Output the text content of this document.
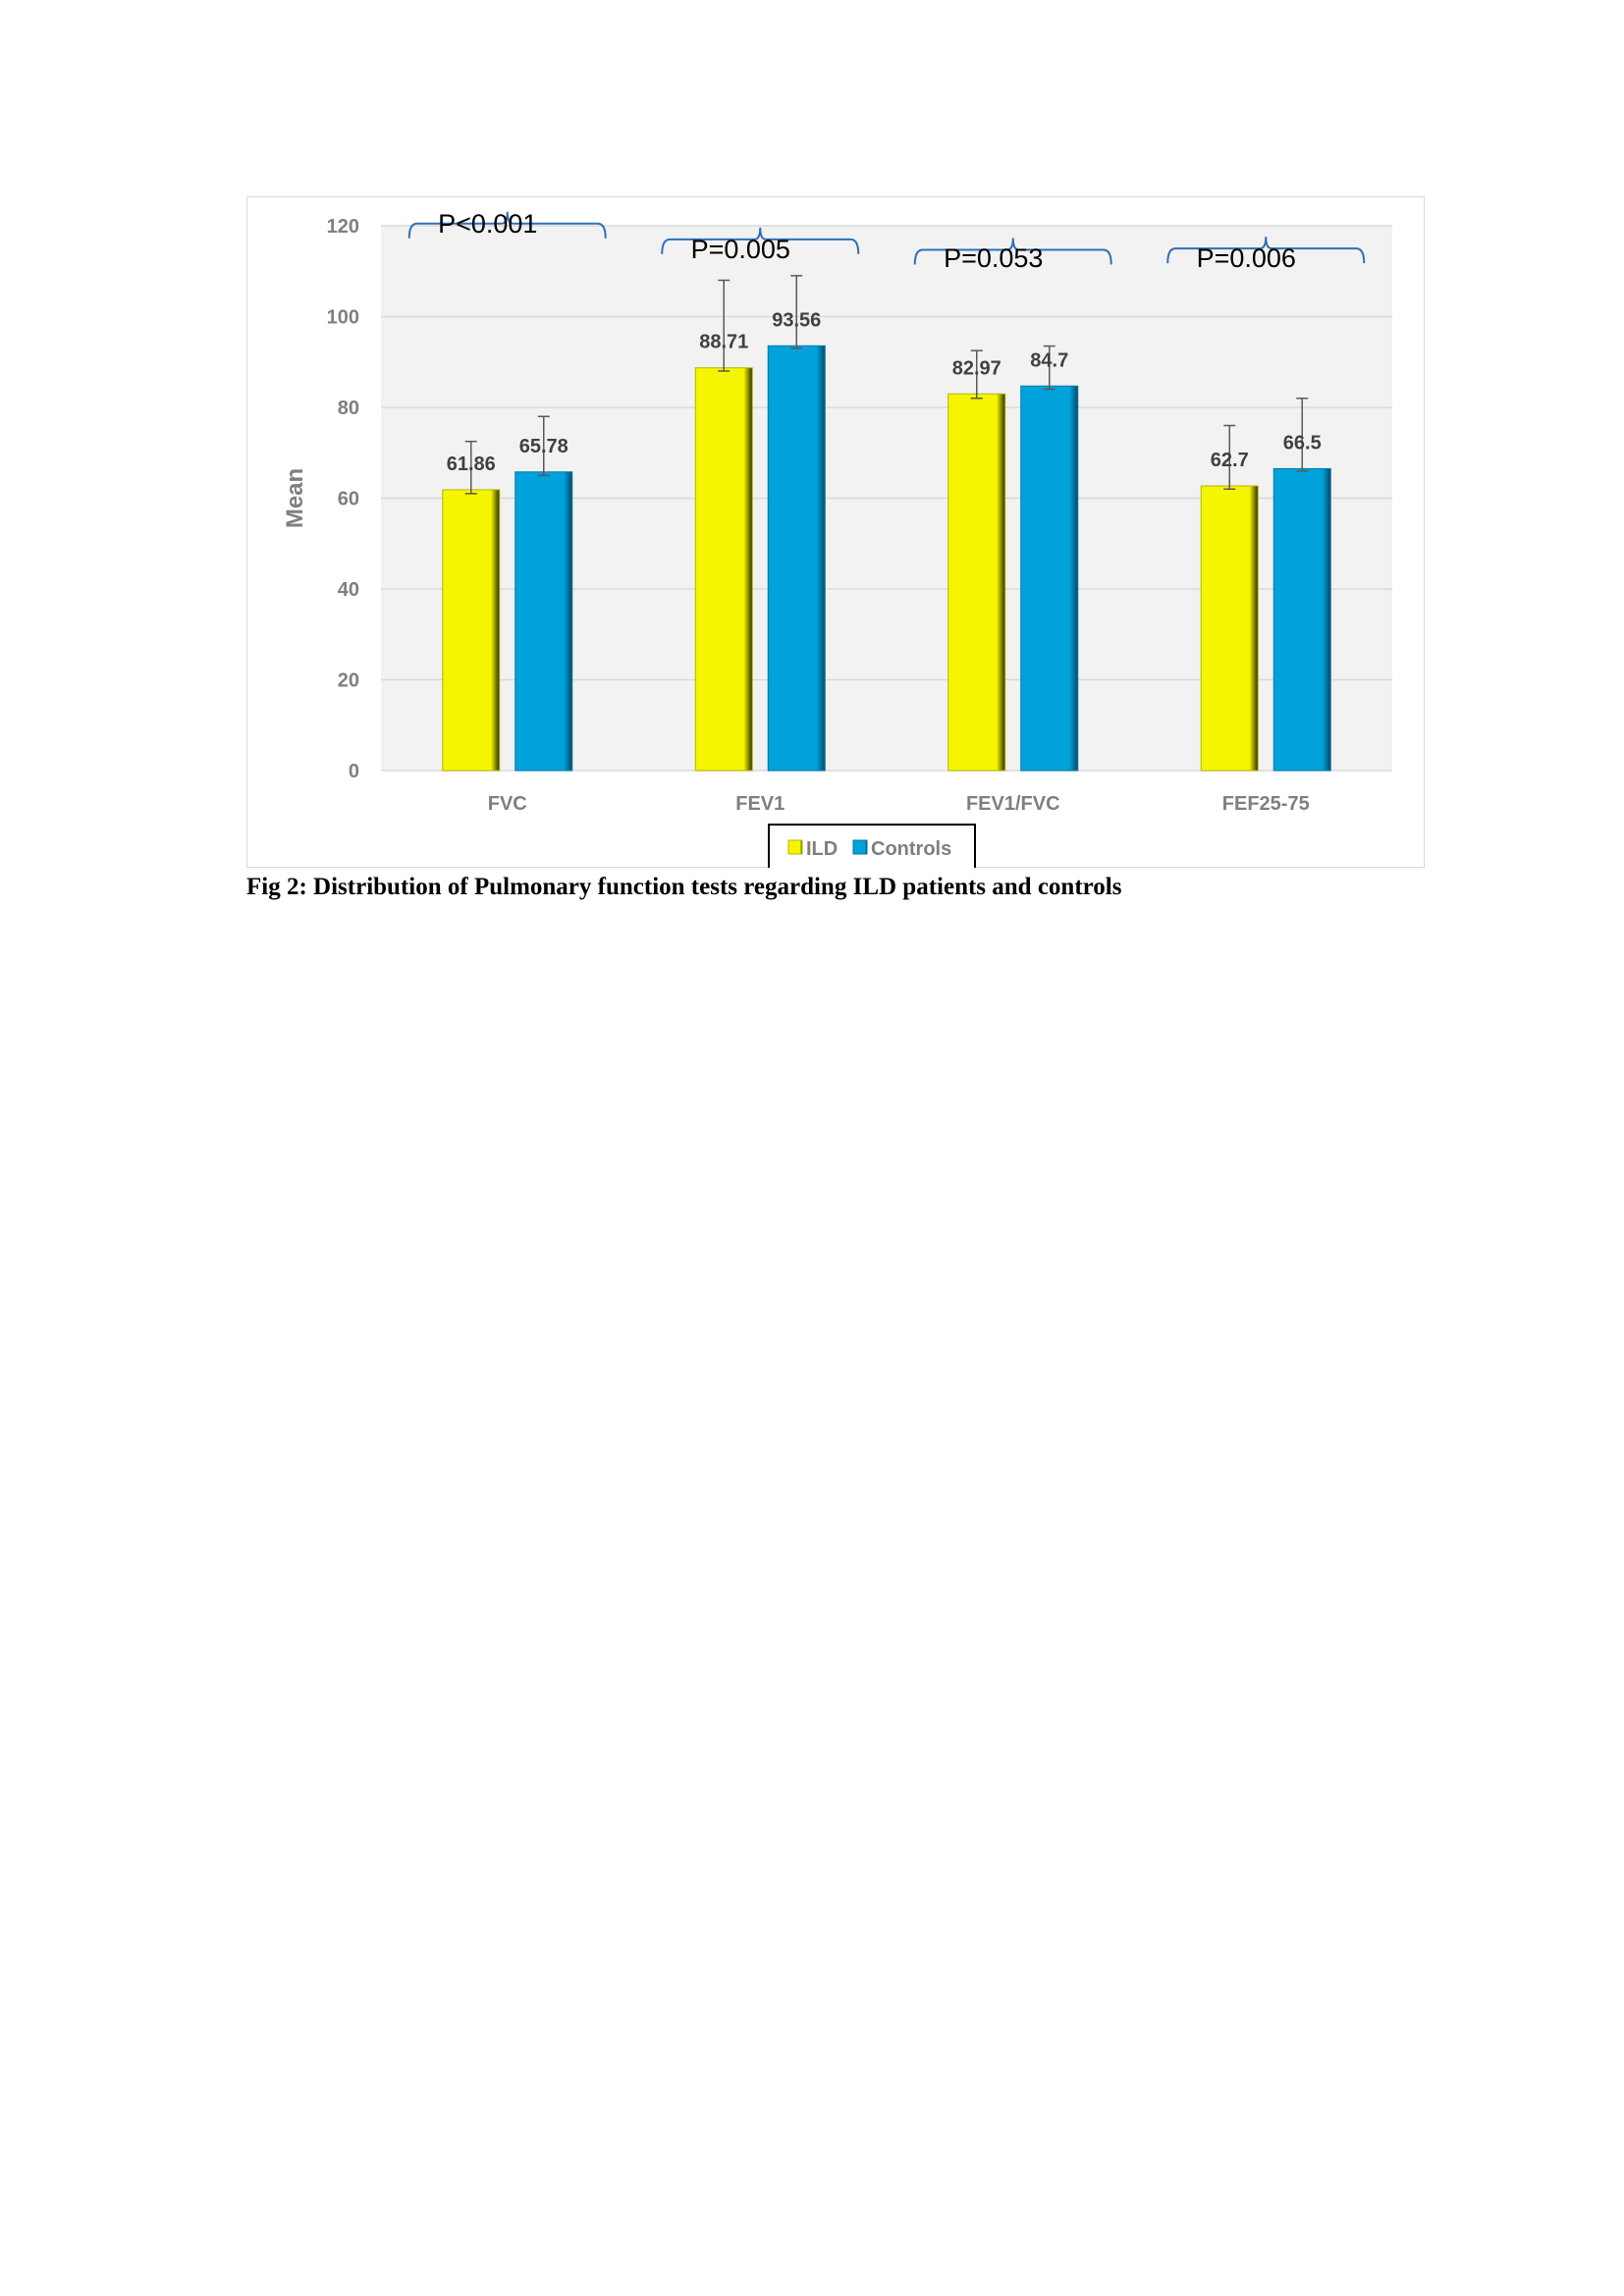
0
20
40
60
80
100
120
Mean
FVC
61.86
65.78
FEV1
88.71
93.56
FEV1/FVC
82.97 84.7
FEF25-75
62.7
66.5
P<0.001
P=0.005	P=0.053	P=0.006
ILD Controls

Fig 2: Distribution of Pulmonary function tests regarding ILD patients and controls
